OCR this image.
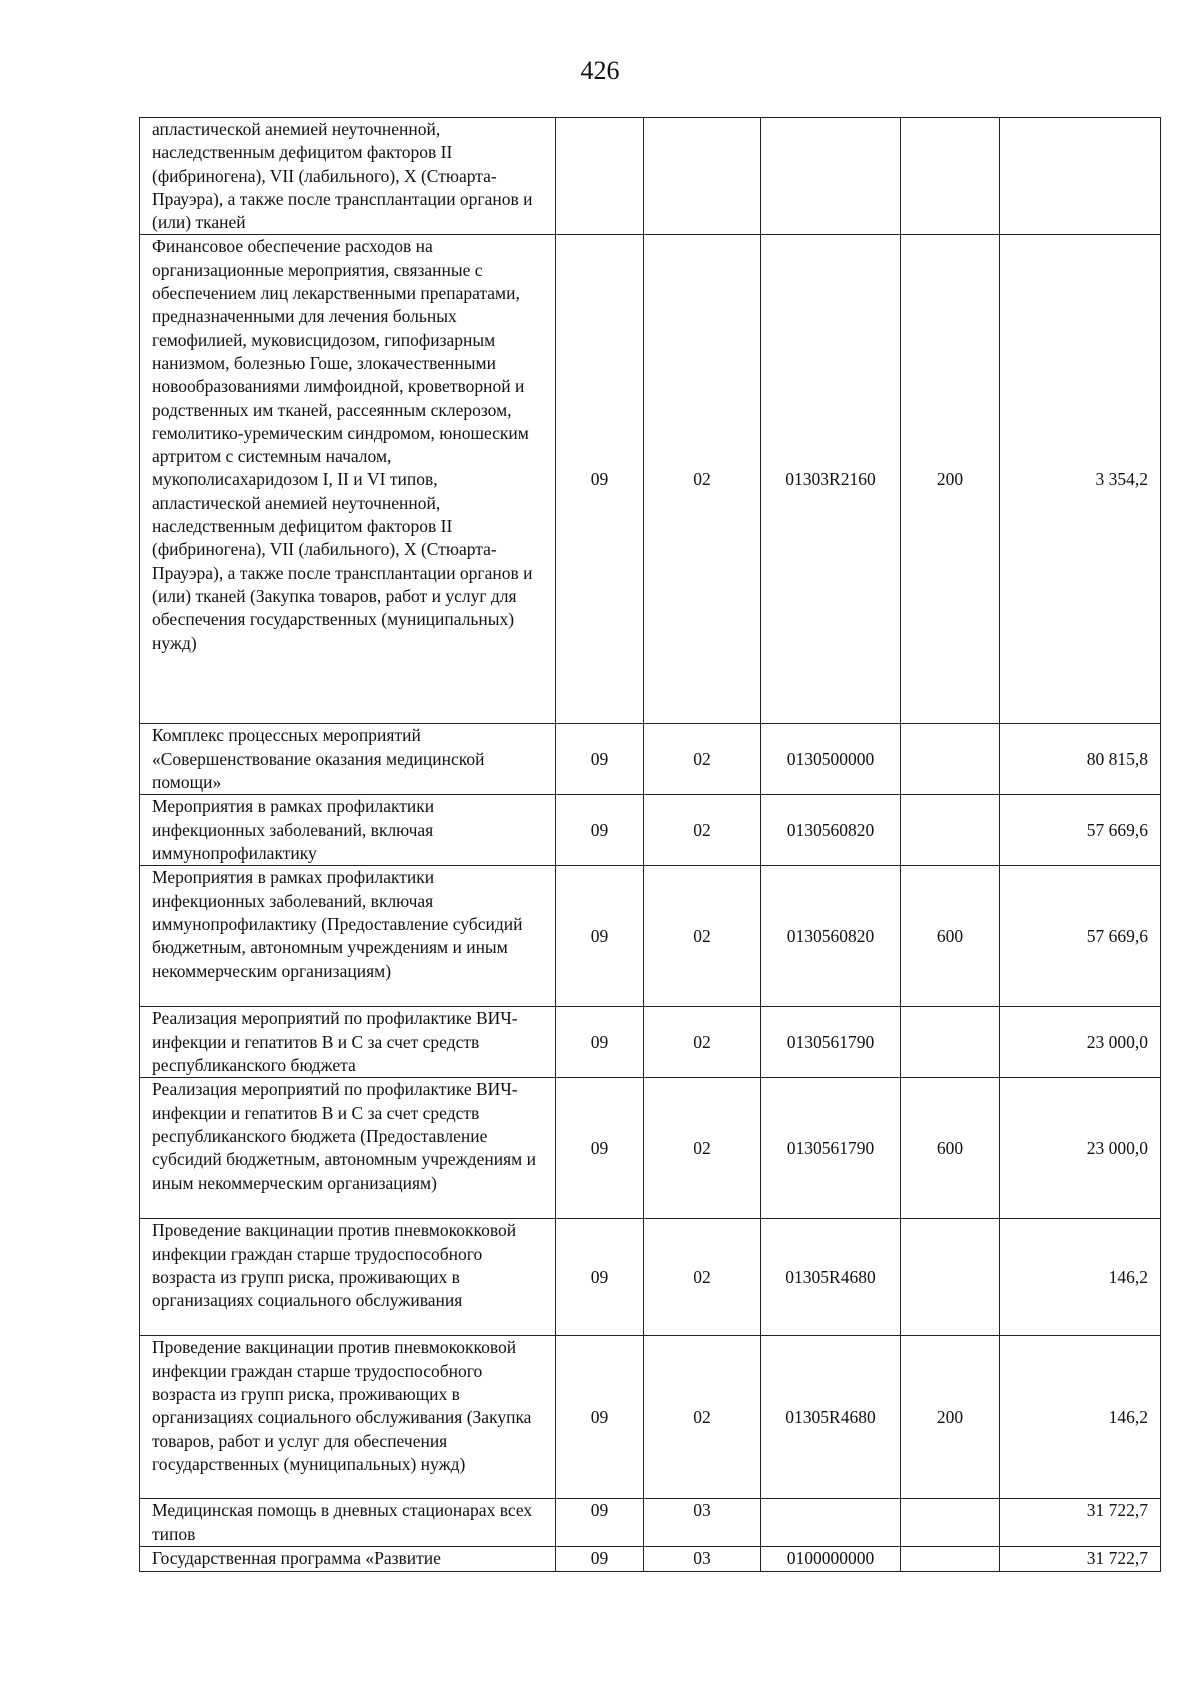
426
апластической анемией неуточненной, наследственным дефицитом факторов II (фибриногена), VII (лабильного), X (Стюарта-Прауэра), а также после трансплантации органов и (или) тканей					
Финансовое обеспечение расходов на организационные мероприятия, связанные с обеспечением лиц лекарственными препаратами, предназначенными для лечения больных гемофилией, муковисцидозом, гипофизарным нанизмом, болезнью Гоше, злокачественными новообразованиями лимфоидной, кроветворной и родственных им тканей, рассеянным склерозом, гемолитико-уремическим синдромом, юношеским артритом с системным началом, мукополисахаридозом I, II и VI типов, апластической анемией неуточненной, наследственным дефицитом факторов II (фибриногена), VII (лабильного), X (Стюарта-Прауэра), а также после трансплантации органов и (или) тканей (Закупка товаров, работ и услуг для обеспечения государственных (муниципальных) нужд)	09	02	01303R2160	200	3 354,2
Комплекс процессных мероприятий «Совершенствование оказания медицинской помощи»	09	02	0130500000		80 815,8
Мероприятия в рамках профилактики инфекционных заболеваний, включая иммунопрофилактику	09	02	0130560820		57 669,6
Мероприятия в рамках профилактики инфекционных заболеваний, включая иммунопрофилактику (Предоставление субсидий бюджетным, автономным учреждениям и иным некоммерческим организациям)	09	02	0130560820	600	57 669,6
Реализация мероприятий по профилактике ВИЧ-инфекции и гепатитов B и C за счет средств республиканского бюджета	09	02	0130561790		23 000,0
Реализация мероприятий по профилактике ВИЧ-инфекции и гепатитов B и C за счет средств республиканского бюджета (Предоставление субсидий бюджетным, автономным учреждениям и иным некоммерческим организациям)	09	02	0130561790	600	23 000,0
Проведение вакцинации против пневмококковой инфекции граждан старше трудоспособного возраста из групп риска, проживающих в организациях социального обслуживания	09	02	01305R4680		146,2
Проведение вакцинации против пневмококковой инфекции граждан старше трудоспособного возраста из групп риска, проживающих в организациях социального обслуживания (Закупка товаров, работ и услуг для обеспечения государственных (муниципальных) нужд)	09	02	01305R4680	200	146,2
Медицинская помощь в дневных стационарах всех типов	09	03			31 722,7
Государственная программа «Развитие	09	03	0100000000		31 722,7
